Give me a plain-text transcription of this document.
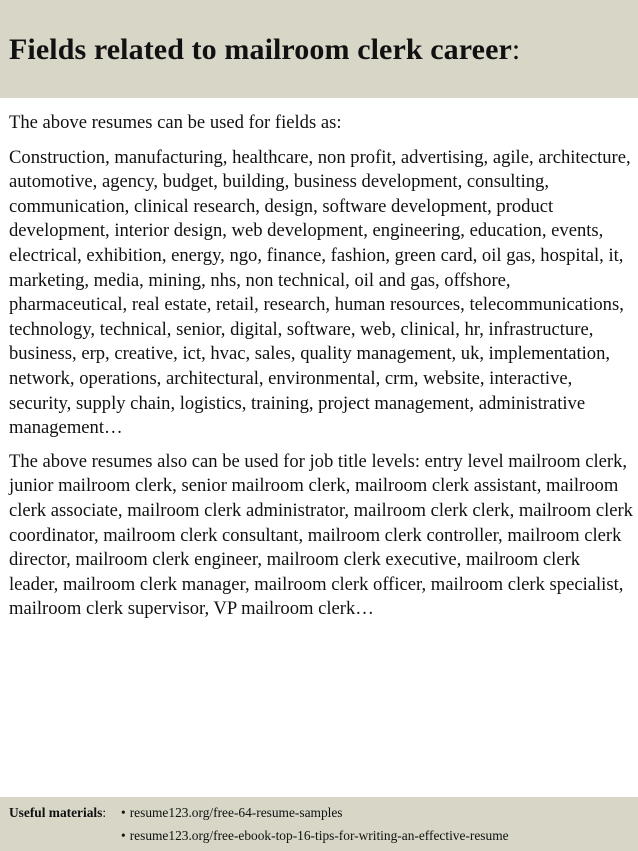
Fields related to mailroom clerk career:

The above resumes can be used for fields as:

Construction, manufacturing, healthcare, non profit, advertising, agile, architecture, automotive, agency, budget, building, business development, consulting, communication, clinical research, design, software development, product development, interior design, web development, engineering, education, events, electrical, exhibition, energy, ngo, finance, fashion, green card, oil gas, hospital, it, marketing, media, mining, nhs, non technical, oil and gas, offshore, pharmaceutical, real estate, retail, research, human resources, telecommunications, technology, technical, senior, digital, software, web, clinical, hr, infrastructure, business, erp, creative, ict, hvac, sales, quality management, uk, implementation, network, operations, architectural, environmental, crm, website, interactive, security, supply chain, logistics, training, project management, administrative management…

The above resumes also can be used for job title levels: entry level mailroom clerk, junior mailroom clerk, senior mailroom clerk, mailroom clerk assistant, mailroom clerk associate, mailroom clerk administrator, mailroom clerk clerk, mailroom clerk coordinator, mailroom clerk consultant, mailroom clerk controller, mailroom clerk director, mailroom clerk engineer, mailroom clerk executive, mailroom clerk leader, mailroom clerk manager, mailroom clerk officer, mailroom clerk specialist, mailroom clerk supervisor, VP mailroom clerk…

Useful materials: • resume123.org/free-64-resume-samples
• resume123.org/free-ebook-top-16-tips-for-writing-an-effective-resume
